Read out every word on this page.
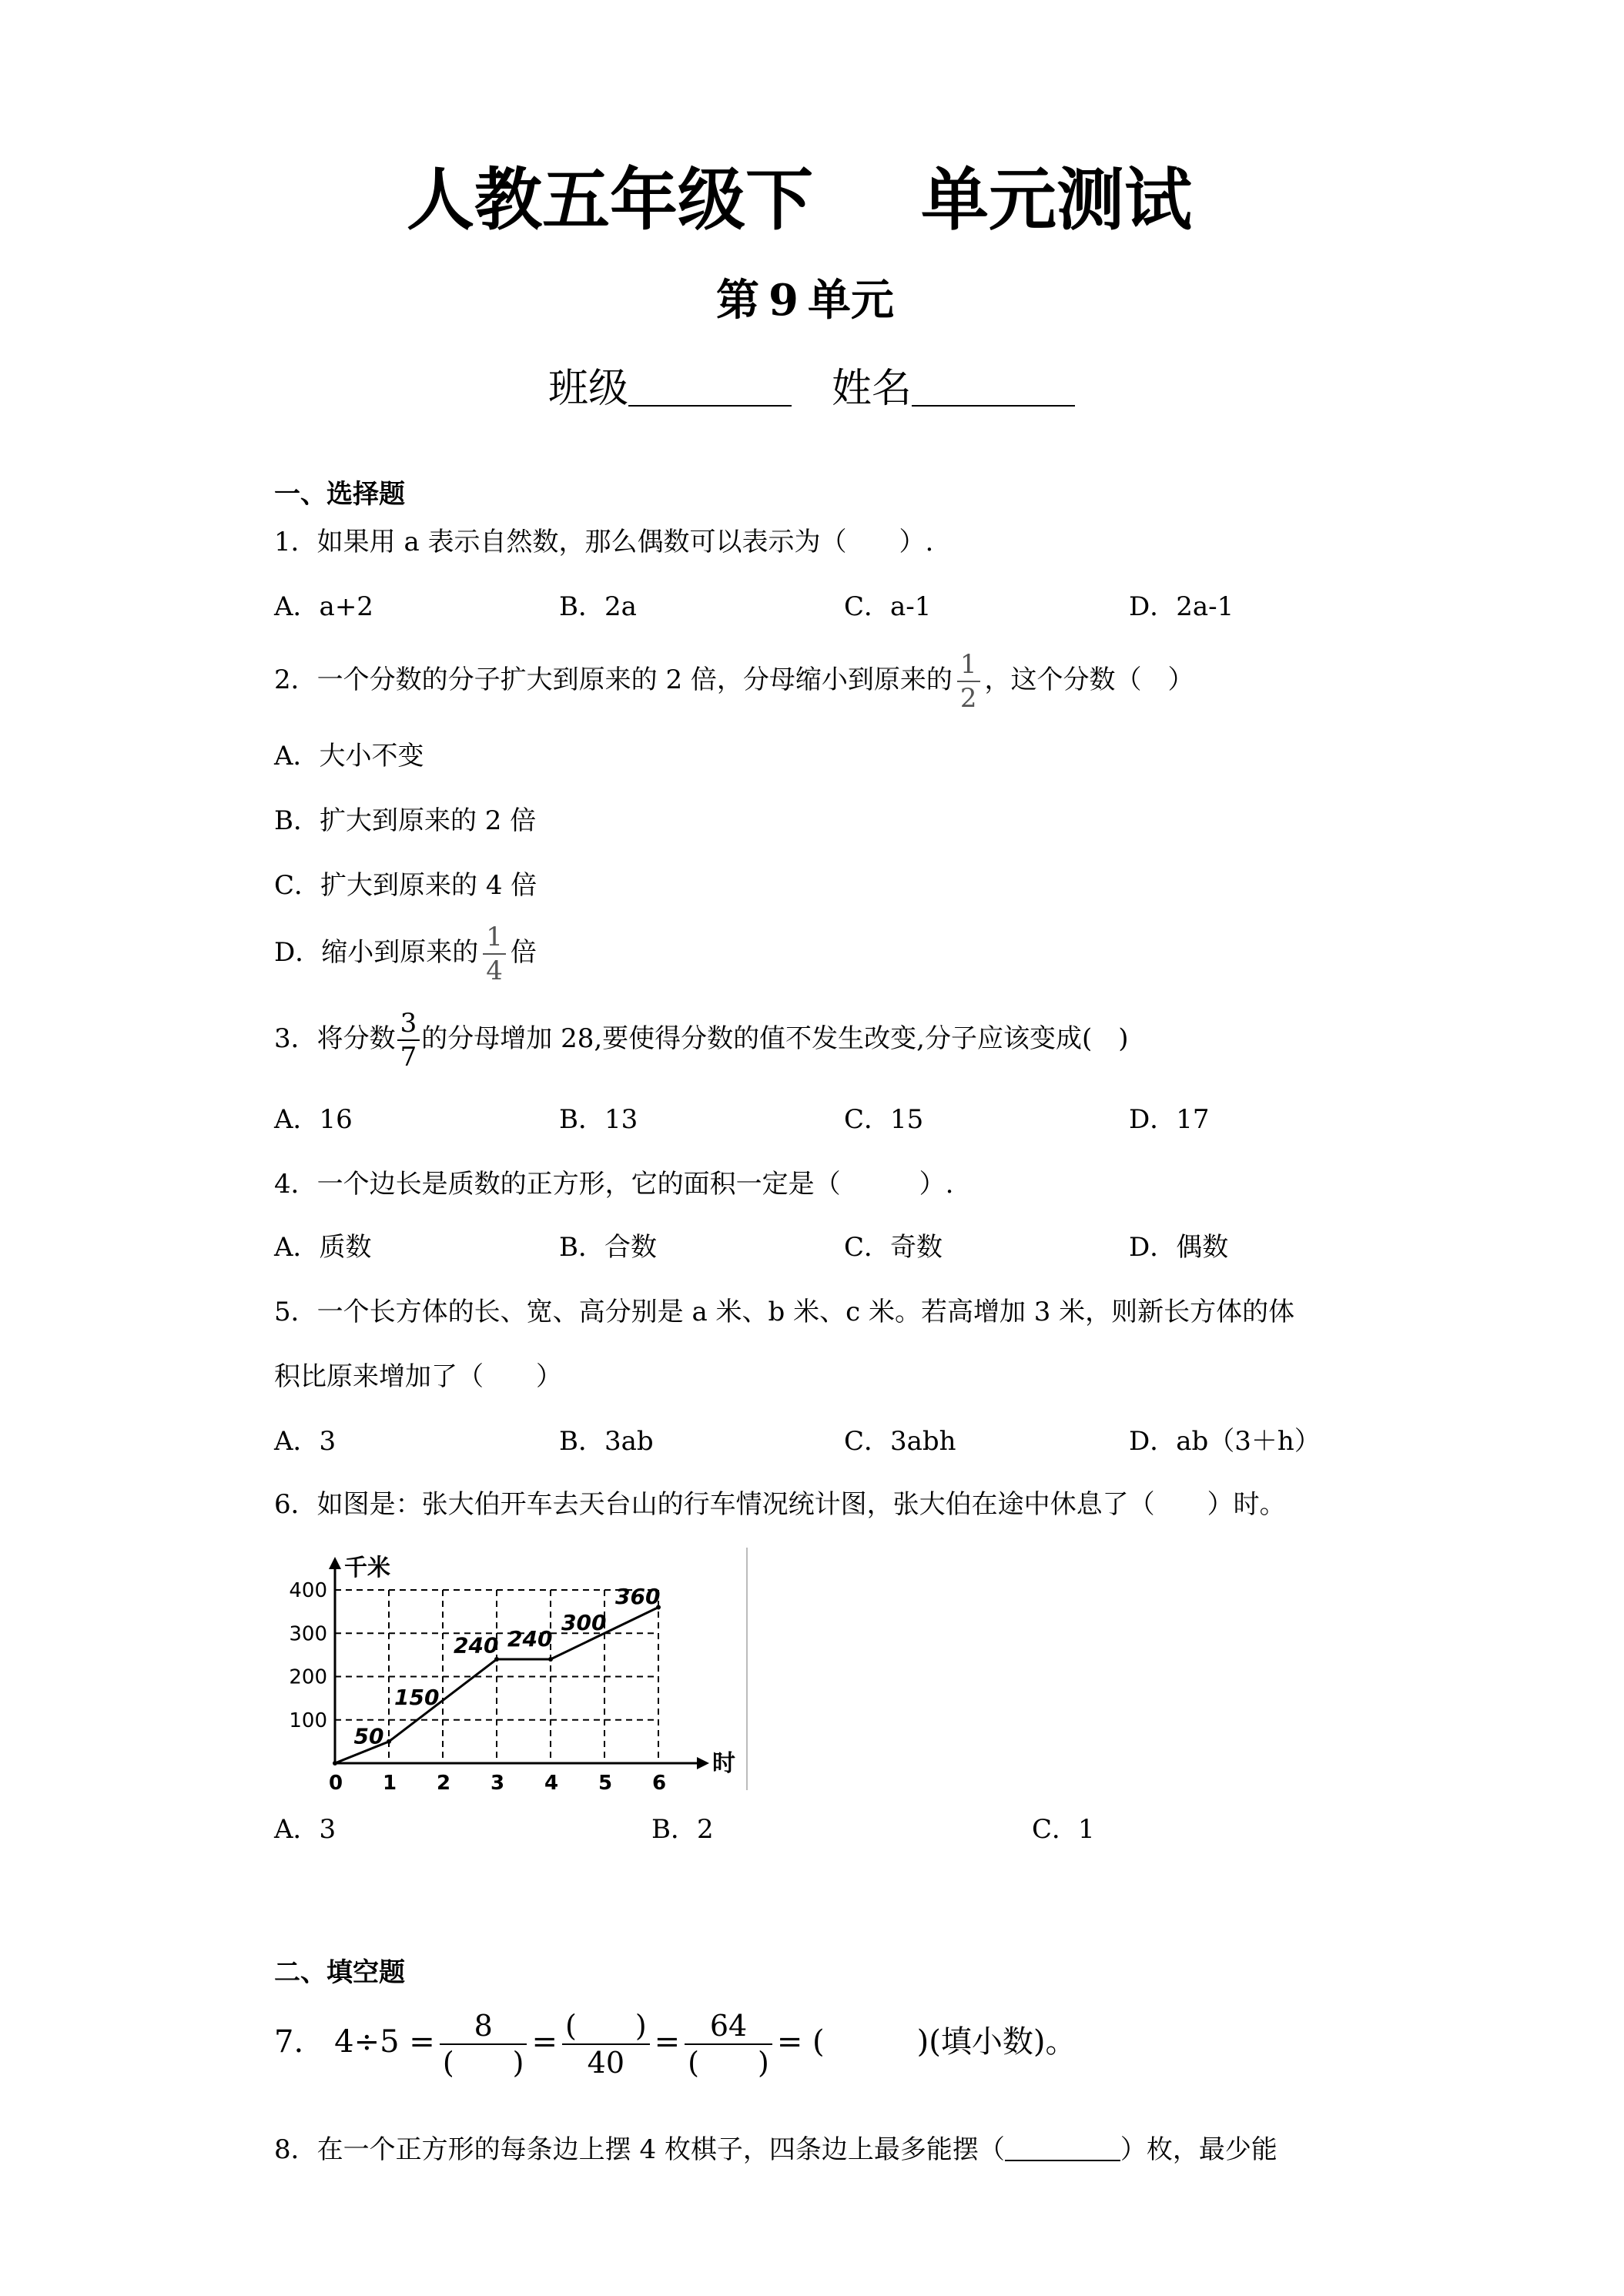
人教五年级下 单元测试
第 9 单元
班级	姓名
一、选择题
1．如果用 a 表示自然数，那么偶数可以表示为（　　）.
A．a+2	B．2a	C．a-1	D．2a-1
2．一个分数的分子扩大到原来的 2 倍，分母缩小到原来的 $\frac{1}{2}$ ，这个分数（　）
A．大小不变
B．扩大到原来的 2 倍
C．扩大到原来的 4 倍
D．缩小到原来的 $\frac{1}{4}$ 倍
3．将分数 $\frac{3}{7}$ 的分母增加 28,要使得分数的值不发生改变,分子应该变成(　)
A．16	B．13	C．15	D．17
4．一个边长是质数的正方形，它的面积一定是（　　　）.
A．质数	B．合数	C．奇数	D．偶数
5．一个长方体的长、宽、高分别是 a 米、b 米、c 米。若高增加 3 米，则新长方体的体
积比原来增加了（　　）
A．3	B．3ab	C．3abh	D．ab（3＋h）
6．如图是：张大伯开车去天台山的行车情况统计图，张大伯在途中休息了（　　）时。
0 1 2 3 4 5 6
100
200
300
400
50
150
240 240
300
360
千米
时
A．3	B．2	C．1
二、填空题
7. $4\div 5 = \frac{8}{( )} = \frac{( )}{40} = \frac{64}{( )}$ = (　　　)(填小数)。
8．在一个正方形的每条边上摆 4 枚棋子，四条边上最多能摆（	）枚，最少能
